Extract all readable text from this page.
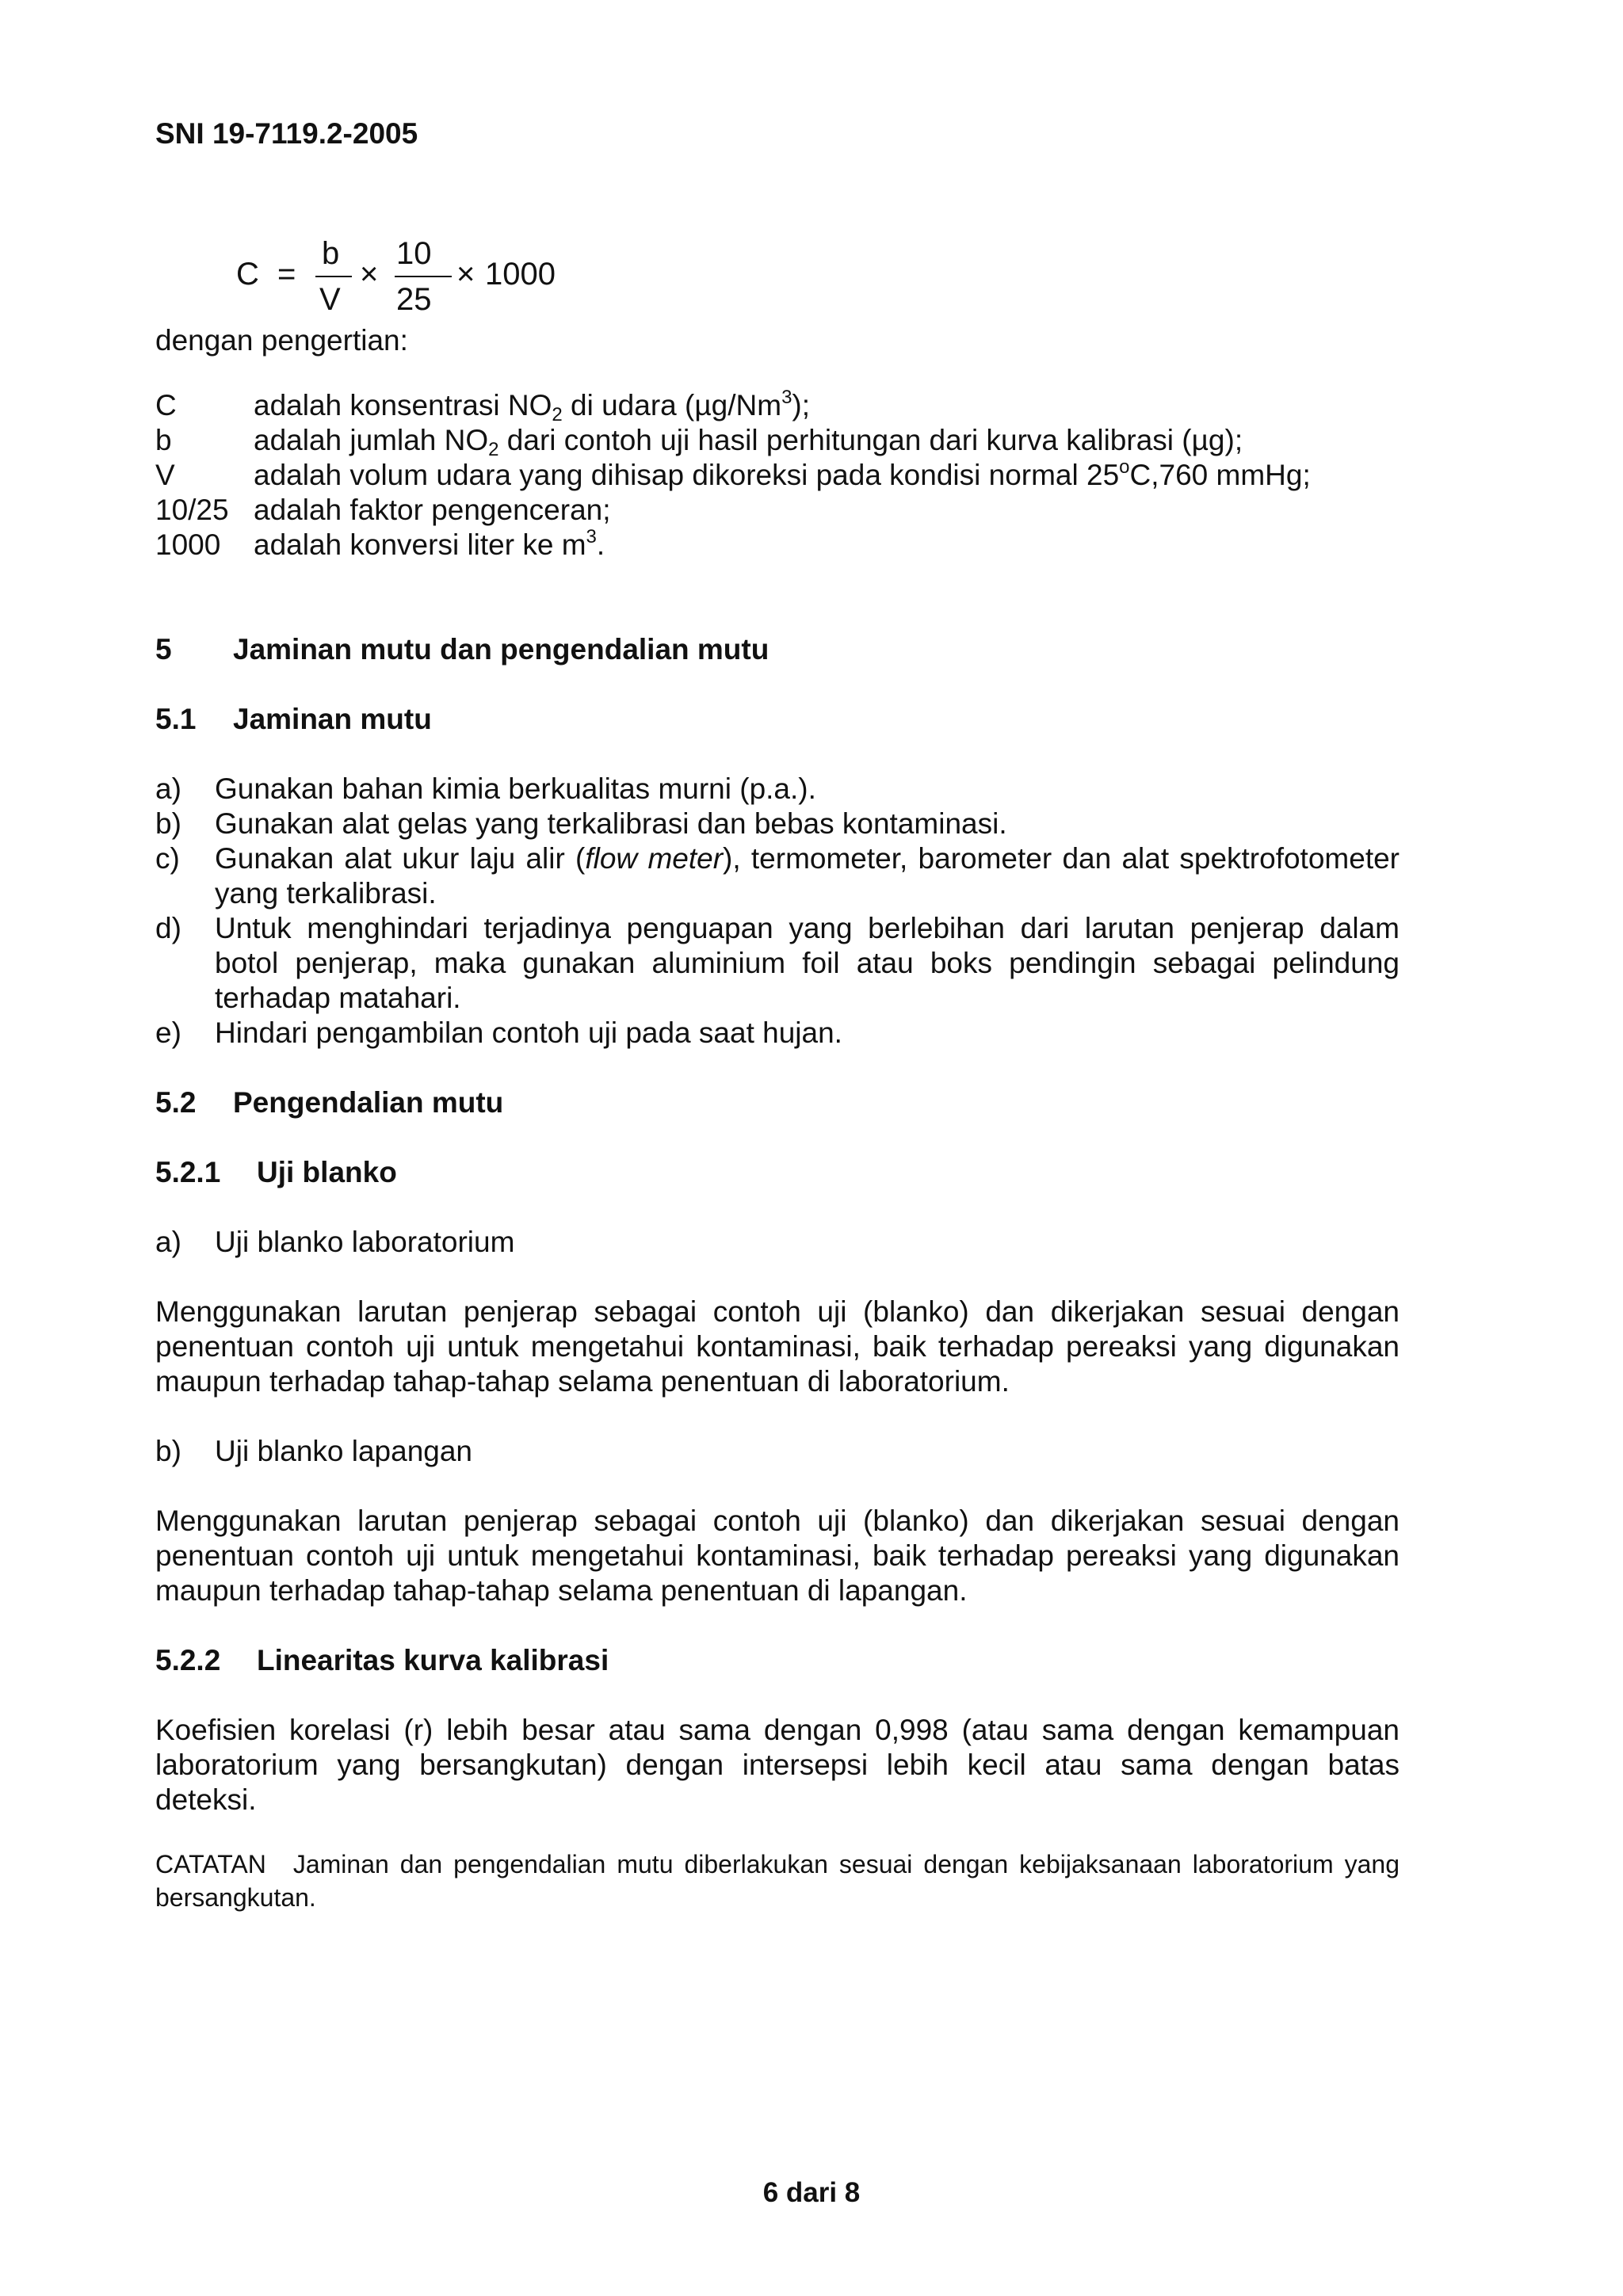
SNI 19-7119.2-2005
C =
b
V
×
10
25
× 1000
dengan pengertian:
C	adalah konsentrasi $NO_2$ di udara (µg/Nm$^3$);
b	adalah jumlah $NO_2$ dari contoh uji hasil perhitungan dari kurva kalibrasi (µg);
V	adalah volum udara yang dihisap dikoreksi pada kondisi normal 25$^o$C,760 mmHg;
10/25 adalah faktor pengenceran;
1000 adalah konversi liter ke $m^3$.
5 Jaminan mutu dan pengendalian mutu
5.1 Jaminan mutu
a) Gunakan bahan kimia berkualitas murni (p.a.).
b) Gunakan alat gelas yang terkalibrasi dan bebas kontaminasi.
c) Gunakan alat ukur laju alir (flow meter), termometer, barometer dan alat spektrofotometer yang terkalibrasi.
d) Untuk menghindari terjadinya penguapan yang berlebihan dari larutan penjerap dalam botol penjerap, maka gunakan aluminium foil atau boks pendingin sebagai pelindung terhadap matahari.
e) Hindari pengambilan contoh uji pada saat hujan.
5.2 Pengendalian mutu
5.2.1 Uji blanko
a) Uji blanko laboratorium
Menggunakan larutan penjerap sebagai contoh uji (blanko) dan dikerjakan sesuai dengan penentuan contoh uji untuk mengetahui kontaminasi, baik terhadap pereaksi yang digunakan maupun terhadap tahap-tahap selama penentuan di laboratorium.
b) Uji blanko lapangan
Menggunakan larutan penjerap sebagai contoh uji (blanko) dan dikerjakan sesuai dengan penentuan contoh uji untuk mengetahui kontaminasi, baik terhadap pereaksi yang digunakan maupun terhadap tahap-tahap selama penentuan di lapangan.
5.2.2 Linearitas kurva kalibrasi
Koefisien korelasi (r) lebih besar atau sama dengan 0,998 (atau sama dengan kemampuan laboratorium yang bersangkutan) dengan intersepsi lebih kecil atau sama dengan batas deteksi.
CATATAN Jaminan dan pengendalian mutu diberlakukan sesuai dengan kebijaksanaan laboratorium yang bersangkutan.
6 dari 8
